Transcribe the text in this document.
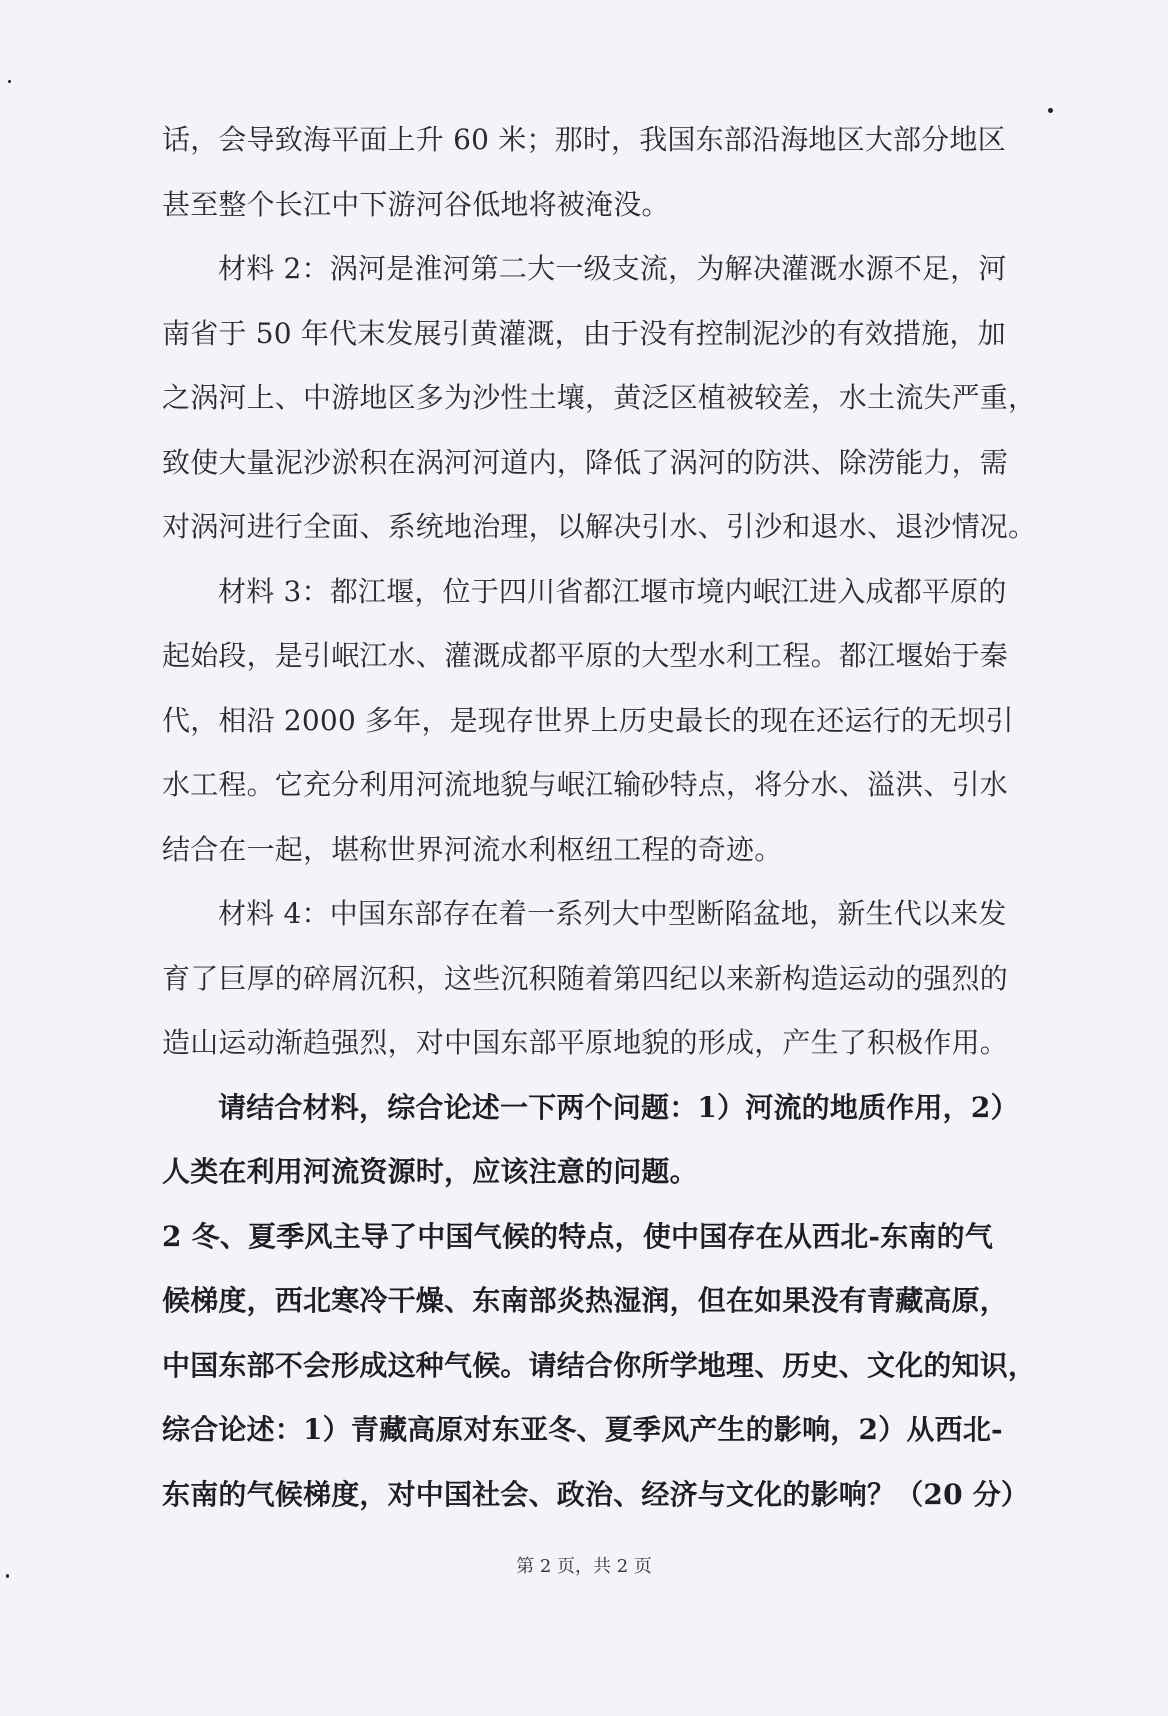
话，会导致海平面上升 60 米；那时，我国东部沿海地区大部分地区
甚至整个长江中下游河谷低地将被淹没。
材料 2：涡河是淮河第二大一级支流，为解决灌溉水源不足，河
南省于 50 年代末发展引黄灌溉，由于没有控制泥沙的有效措施，加
之涡河上、中游地区多为沙性土壤，黄泛区植被较差，水土流失严重，
致使大量泥沙淤积在涡河河道内，降低了涡河的防洪、除涝能力，需
对涡河进行全面、系统地治理，以解决引水、引沙和退水、退沙情况。
材料 3：都江堰，位于四川省都江堰市境内岷江进入成都平原的
起始段，是引岷江水、灌溉成都平原的大型水利工程。都江堰始于秦
代，相沿 2000 多年，是现存世界上历史最长的现在还运行的无坝引
水工程。它充分利用河流地貌与岷江输砂特点，将分水、溢洪、引水
结合在一起，堪称世界河流水利枢纽工程的奇迹。
材料 4：中国东部存在着一系列大中型断陷盆地，新生代以来发
育了巨厚的碎屑沉积，这些沉积随着第四纪以来新构造运动的强烈的
造山运动渐趋强烈，对中国东部平原地貌的形成，产生了积极作用。
请结合材料，综合论述一下两个问题：1）河流的地质作用，2）
人类在利用河流资源时，应该注意的问题。
2 冬、夏季风主导了中国气候的特点，使中国存在从西北-东南的气
候梯度，西北寒冷干燥、东南部炎热湿润，但在如果没有青藏高原，
中国东部不会形成这种气候。请结合你所学地理、历史、文化的知识，
综合论述：1）青藏高原对东亚冬、夏季风产生的影响，2）从西北-
东南的气候梯度，对中国社会、政治、经济与文化的影响？（20 分）
第 2 页，共 2 页
